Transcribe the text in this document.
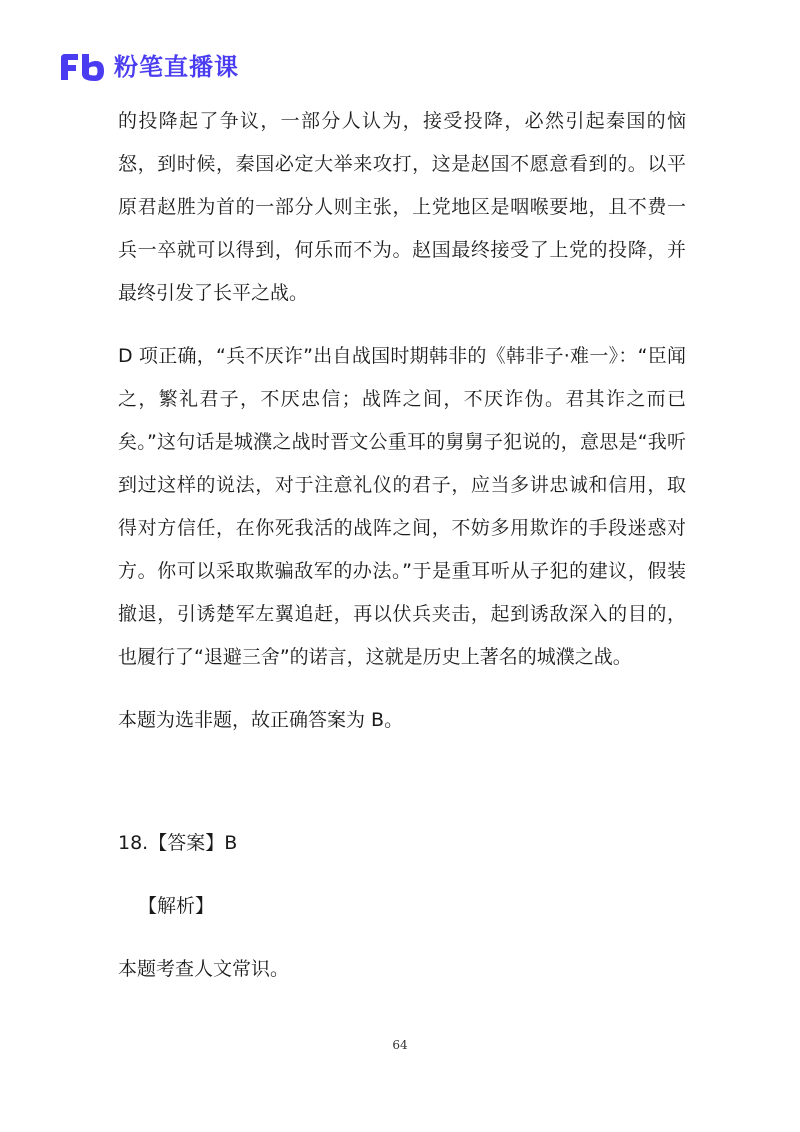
粉笔直播课

的投降起了争议，一部分人认为，接受投降，必然引起秦国的恼怒，到时候，秦国必定大举来攻打，这是赵国不愿意看到的。以平原君赵胜为首的一部分人则主张，上党地区是咽喉要地，且不费一兵一卒就可以得到，何乐而不为。赵国最终接受了上党的投降，并最终引发了长平之战。

D 项正确，“兵不厌诈”出自战国时期韩非的《韩非子·难一》：“臣闻之，繁礼君子，不厌忠信；战阵之间，不厌诈伪。君其诈之而已矣。”这句话是城濮之战时晋文公重耳的舅舅子犯说的，意思是“我听到过这样的说法，对于注意礼仪的君子，应当多讲忠诚和信用，取得对方信任，在你死我活的战阵之间，不妨多用欺诈的手段迷惑对方。你可以采取欺骗敌军的办法。”于是重耳听从子犯的建议，假装撤退，引诱楚军左翼追赶，再以伏兵夹击，起到诱敌深入的目的，也履行了“退避三舍”的诺言，这就是历史上著名的城濮之战。

本题为选非题，故正确答案为 B。

18.【答案】B

【解析】

本题考查人文常识。

64
